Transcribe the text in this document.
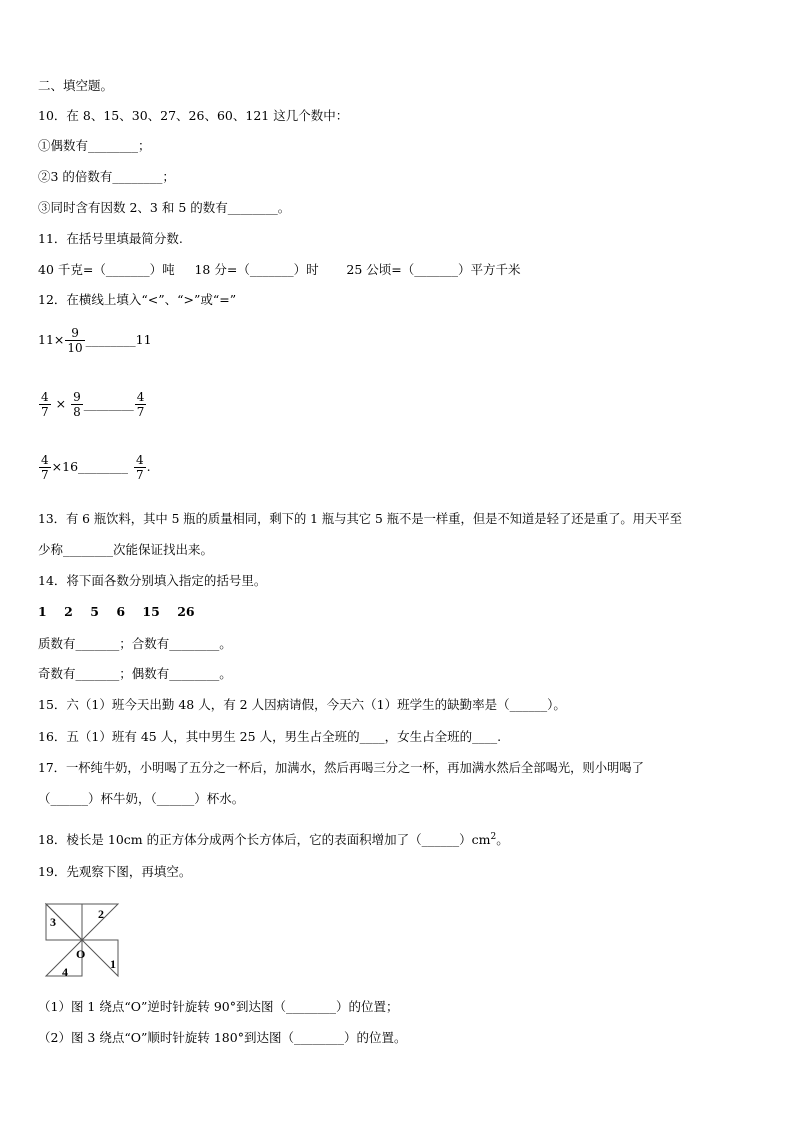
二、填空题。
10．在 8、15、30、27、26、60、121 这几个数中：
①偶数有________；
②3 的倍数有________；
③同时含有因数 2、3 和 5 的数有________。
11．在括号里填最简分数.
40 千克=（_______）吨     18 分=（_______）时       25 公顷=（_______）平方千米
12．在横线上填入“<”、“>”或“=”
$11\times \frac{9}{10}$ ________11
$\frac{4}{7} \times \frac{9}{8}$ ________ $\frac{4}{7}$
$\frac{4}{7}$ ×16________ $\frac{4}{7}$ .
13．有 6 瓶饮料，其中 5 瓶的质量相同，剩下的 1 瓶与其它 5 瓶不是一样重，但是不知道是轻了还是重了。用天平至
少称________次能保证找出来。
14．将下面各数分别填入指定的括号里。
1    2    5    6    15    26
质数有_______；合数有________。
奇数有_______；偶数有________。
15．六（1）班今天出勤 48 人，有 2 人因病请假，今天六（1）班学生的缺勤率是（______）。
16．五（1）班有 45 人，其中男生 25 人，男生占全班的____，女生占全班的____.
17．一杯纯牛奶，小明喝了五分之一杯后，加满水，然后再喝三分之一杯，再加满水然后全部喝光，则小明喝了
（______）杯牛奶，（______）杯水。
18．棱长是 10cm 的正方体分成两个长方体后，它的表面积增加了$(\_\_\_\_\_\_)cm^2$。
19．先观察下图，再填空。
3
2
1
4
O
（1）图 1 绕点“O”逆时针旋转 90°到达图（________）的位置；
（2）图 3 绕点“O”顺时针旋转 180°到达图（________）的位置。
